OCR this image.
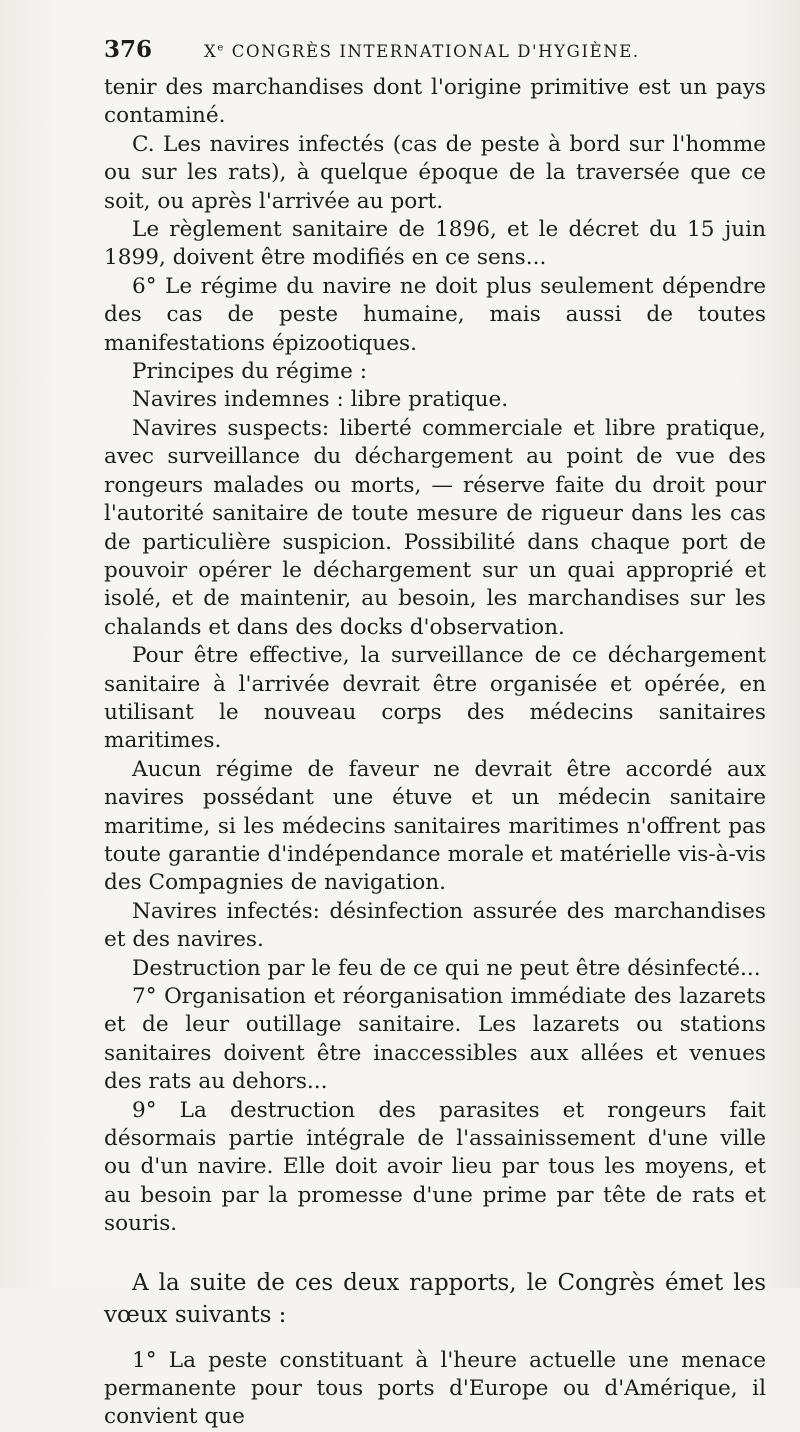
376	Xe CONGRÈS INTERNATIONAL D'HYGIÈNE.

tenir des marchandises dont l'origine primitive est un pays contaminé.

C. Les navires infectés (cas de peste à bord sur l'homme ou sur les rats), à quelque époque de la traversée que ce soit, ou après l'arrivée au port.

Le règlement sanitaire de 1896, et le décret du 15 juin 1899, doivent être modifiés en ce sens...

6° Le régime du navire ne doit plus seulement dépendre des cas de peste humaine, mais aussi de toutes manifestations épizootiques.

Principes du régime :

Navires indemnes : libre pratique.

Navires suspects: liberté commerciale et libre pratique, avec surveillance du déchargement au point de vue des rongeurs malades ou morts, — réserve faite du droit pour l'autorité sanitaire de toute mesure de rigueur dans les cas de particulière suspicion. Possibilité dans chaque port de pouvoir opérer le déchargement sur un quai approprié et isolé, et de maintenir, au besoin, les marchandises sur les chalands et dans des docks d'observation.

Pour être effective, la surveillance de ce déchargement sanitaire à l'arrivée devrait être organisée et opérée, en utilisant le nouveau corps des médecins sanitaires maritimes.

Aucun régime de faveur ne devrait être accordé aux navires possédant une étuve et un médecin sanitaire maritime, si les médecins sanitaires maritimes n'offrent pas toute garantie d'indépendance morale et matérielle vis-à-vis des Compagnies de navigation.

Navires infectés: désinfection assurée des marchandises et des navires.

Destruction par le feu de ce qui ne peut être désinfecté...

7° Organisation et réorganisation immédiate des lazarets et de leur outillage sanitaire. Les lazarets ou stations sanitaires doivent être inaccessibles aux allées et venues des rats au dehors...

9° La destruction des parasites et rongeurs fait désormais partie intégrale de l'assainissement d'une ville ou d'un navire. Elle doit avoir lieu par tous les moyens, et au besoin par la promesse d'une prime par tête de rats et souris.

A la suite de ces deux rapports, le Congrès émet les vœux suivants :

1° La peste constituant à l'heure actuelle une menace permanente pour tous ports d'Europe ou d'Amérique, il convient que
